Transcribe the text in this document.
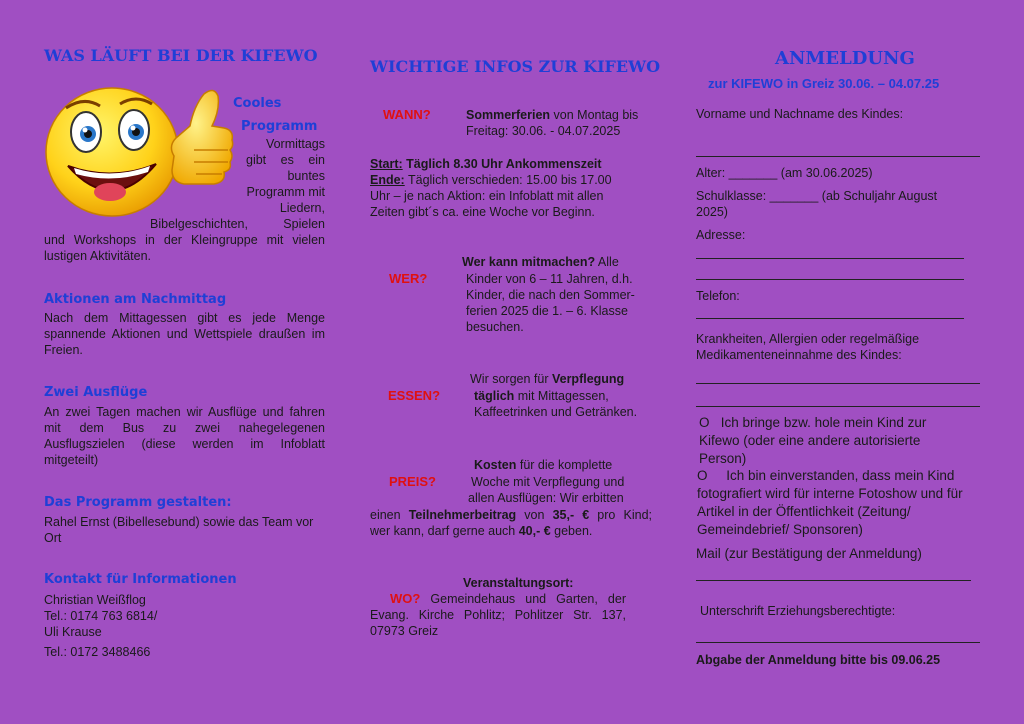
WAS LÄUFT BEI DER KIFEWO
Cooles
Programm
Vormittags
gibt es ein
buntes
Programm mit
Liedern,
Bibelgeschichten, Spielen
und Workshops in der Kleingruppe mit vielen lustigen Aktivitäten.
Aktionen am Nachmittag
Nach dem Mittagessen gibt es jede Menge spannende Aktionen und Wettspiele draußen im Freien.
Zwei Ausflüge
An zwei Tagen machen wir Ausflüge und fahren mit dem Bus zu zwei nahegelegenen Ausflugszielen (diese werden im Infoblatt mitgeteilt)
Das Programm gestalten:
Rahel Ernst (Bibellesebund) sowie das Team vor Ort
Kontakt für Informationen
Christian Weißflog
Tel.: 0174 763 6814/
Uli Krause
Tel.: 0172 3488466
WICHTIGE INFOS ZUR KIFEWO
WANN?	Sommerferien von Montag bis
Freitag: 30.06. - 04.07.2025
Start: Täglich 8.30 Uhr Ankommenszeit
Ende: Täglich verschieden: 15.00 bis 17.00 Uhr – je nach Aktion: ein Infoblatt mit allen Zeiten gibt´s ca. eine Woche vor Beginn.
Wer kann mitmachen? Alle
WER?	Kinder von 6 – 11 Jahren, d.h.
Kinder, die nach den Sommer-
ferien 2025 die 1. – 6. Klasse
besuchen.
Wir sorgen für Verpflegung
ESSEN?	täglich mit Mittagessen,
Kaffeetrinken und Getränken.
Kosten für die komplette
PREIS?	Woche mit Verpflegung und
allen Ausflügen: Wir erbitten
einen Teilnehmerbeitrag von 35,- € pro Kind;
wer kann, darf gerne auch 40,- € geben.
Veranstaltungsort:
WO? Gemeindehaus und Garten, der Evang. Kirche Pohlitz; Pohlitzer Str. 137, 07973 Greiz
ANMELDUNG
zur KIFEWO in Greiz 30.06. – 04.07.25
Vorname und Nachname des Kindes:
Alter: _______ (am 30.06.2025)
Schulklasse: _______ (ab Schuljahr August 2025)
Adresse:
Telefon:
Krankheiten, Allergien oder regelmäßige Medikamenteneinnahme des Kindes:
O Ich bringe bzw. hole mein Kind zur Kifewo (oder eine andere autorisierte Person)
O Ich bin einverstanden, dass mein Kind fotografiert wird für interne Fotoshow und für Artikel in der Öffentlichkeit (Zeitung/ Gemeindebrief/ Sponsoren)
Mail (zur Bestätigung der Anmeldung)
Unterschrift Erziehungsberechtigte:
Abgabe der Anmeldung bitte bis 09.06.25
